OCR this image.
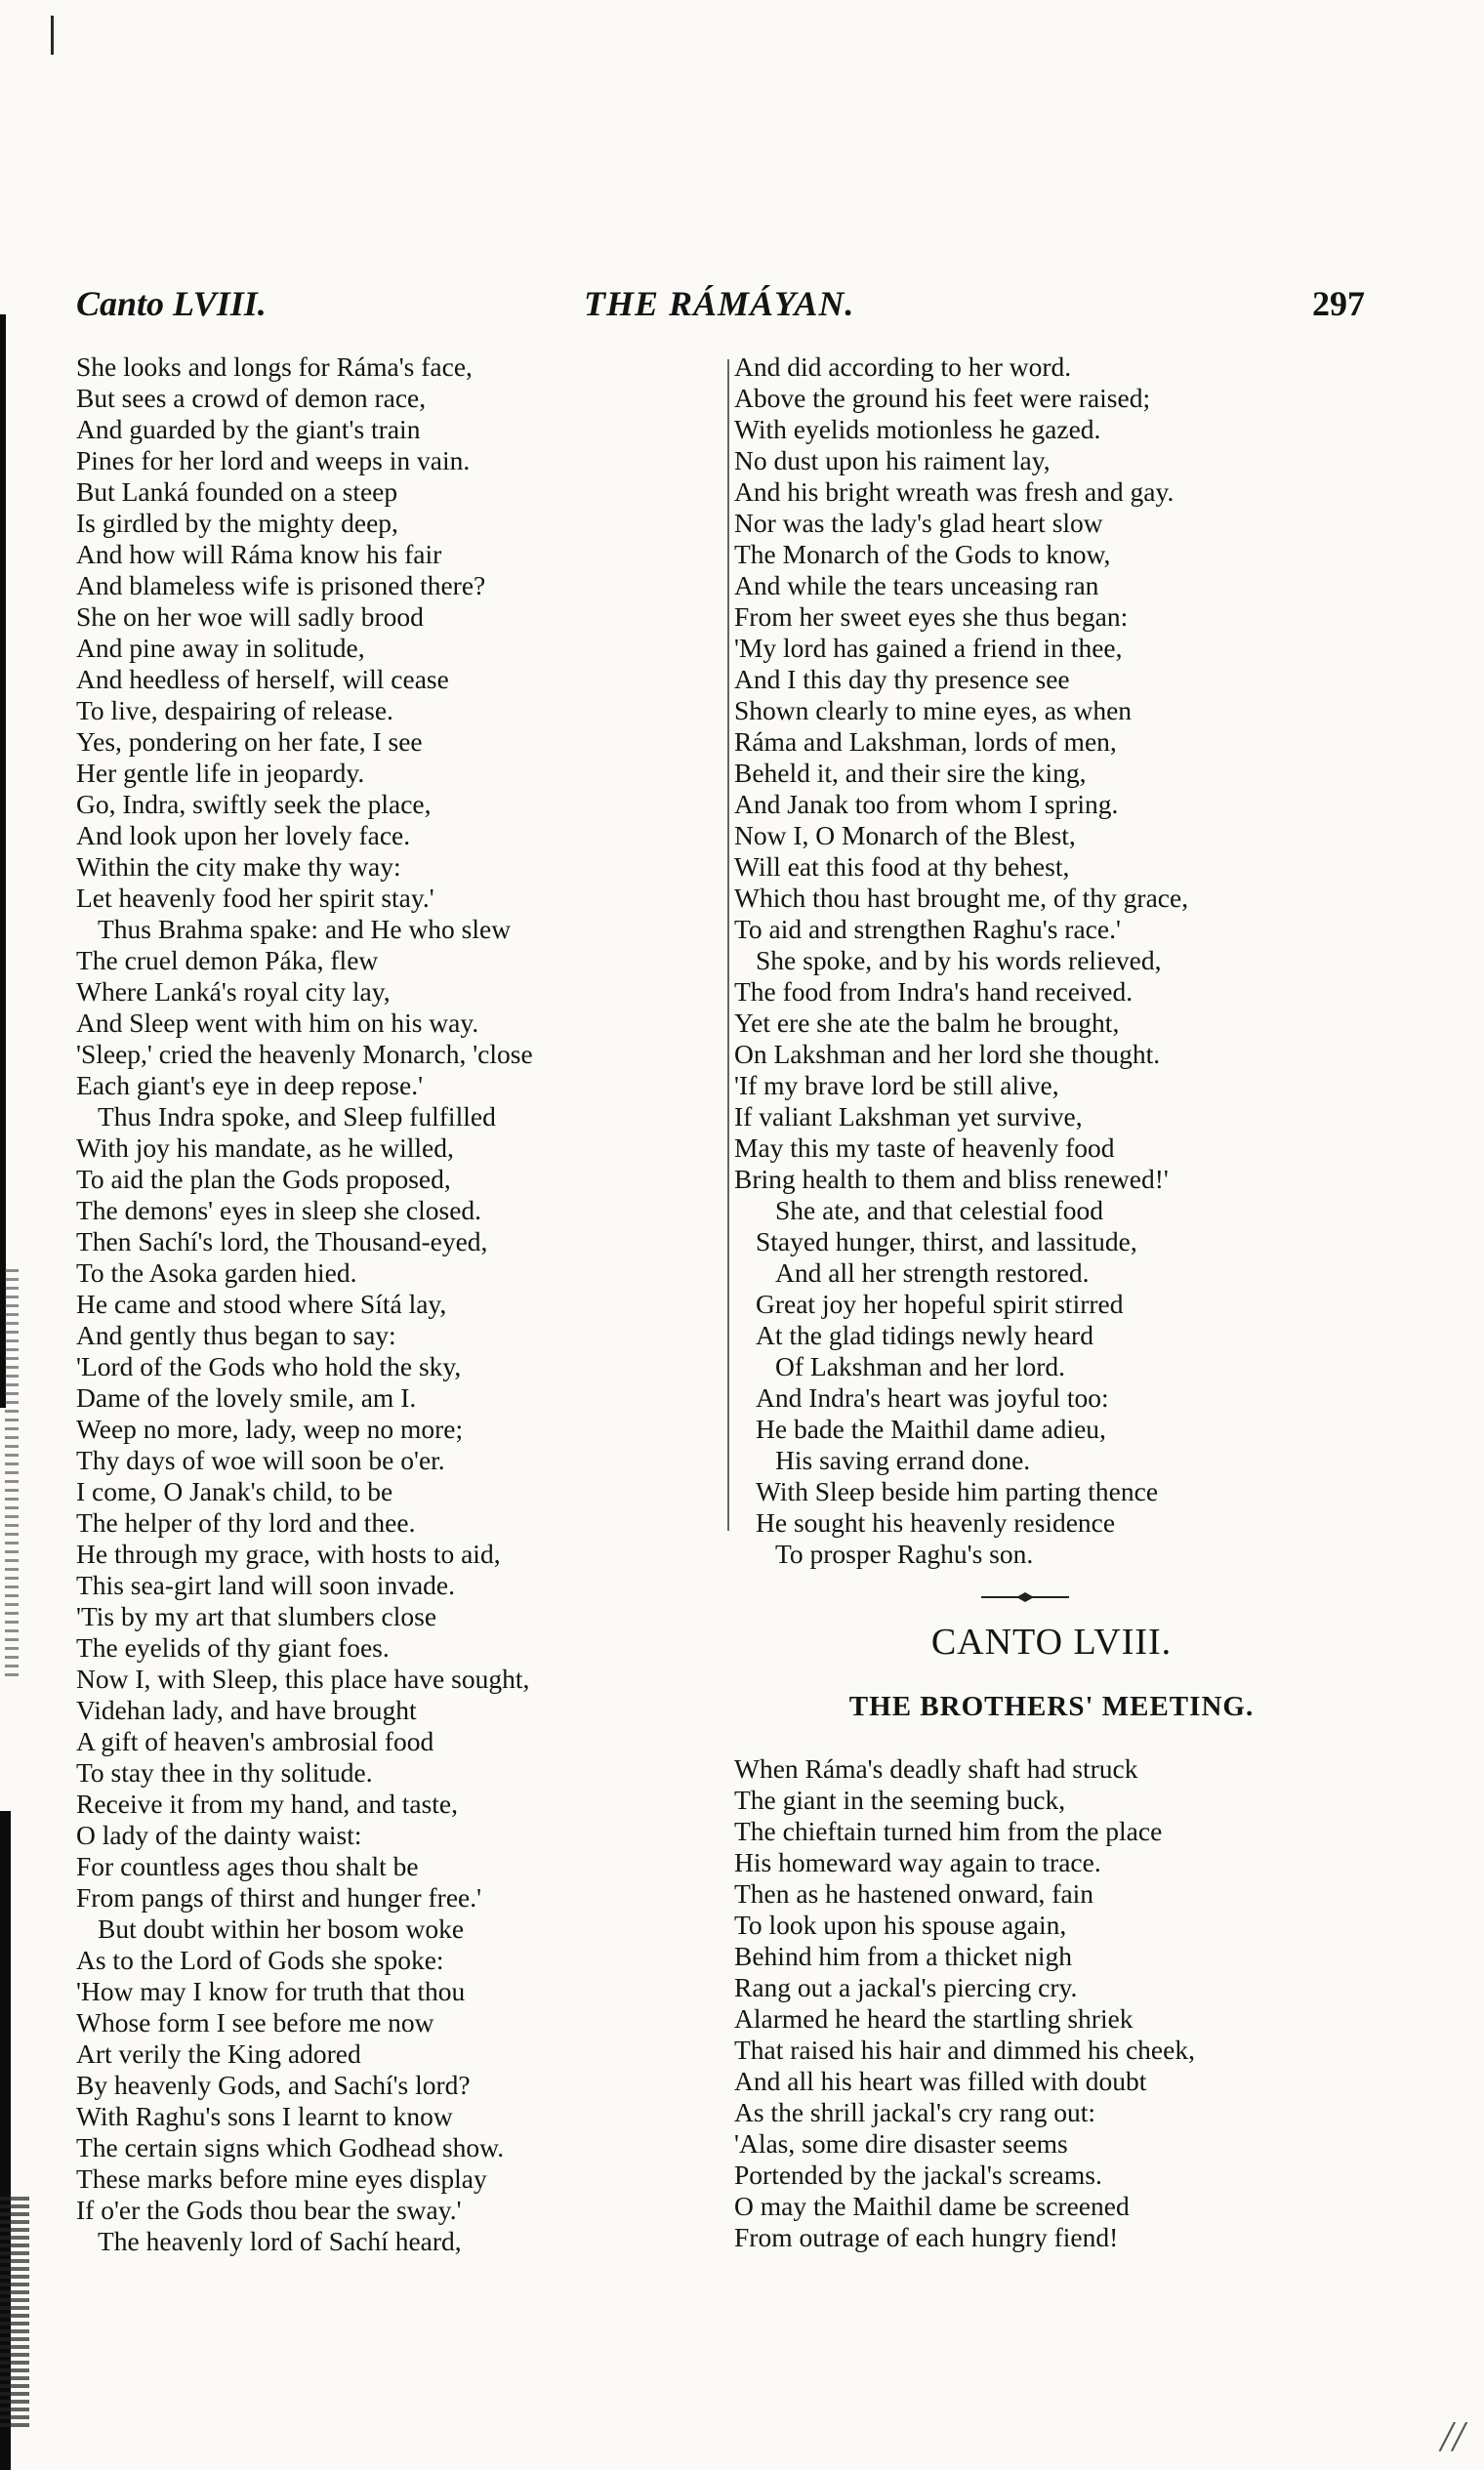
//
Canto LVIII.	THE RÁMÁYAN.	297
She looks and longs for Ráma's face,
But sees a crowd of demon race,
And guarded by the giant's train
Pines for her lord and weeps in vain.
But Lanká founded on a steep
Is girdled by the mighty deep,
And how will Ráma know his fair
And blameless wife is prisoned there?
She on her woe will sadly brood
And pine away in solitude,
And heedless of herself, will cease
To live, despairing of release.
Yes, pondering on her fate, I see
Her gentle life in jeopardy.
Go, Indra, swiftly seek the place,
And look upon her lovely face.
Within the city make thy way:
Let heavenly food her spirit stay.'
Thus Brahma spake: and He who slew
The cruel demon Páka, flew
Where Lanká's royal city lay,
And Sleep went with him on his way.
'Sleep,' cried the heavenly Monarch, 'close
Each giant's eye in deep repose.'
Thus Indra spoke, and Sleep fulfilled
With joy his mandate, as he willed,
To aid the plan the Gods proposed,
The demons' eyes in sleep she closed.
Then Sachí's lord, the Thousand-eyed,
To the Asoka garden hied.
He came and stood where Sítá lay,
And gently thus began to say:
'Lord of the Gods who hold the sky,
Dame of the lovely smile, am I.
Weep no more, lady, weep no more;
Thy days of woe will soon be o'er.
I come, O Janak's child, to be
The helper of thy lord and thee.
He through my grace, with hosts to aid,
This sea-girt land will soon invade.
'Tis by my art that slumbers close
The eyelids of thy giant foes.
Now I, with Sleep, this place have sought,
Videhan lady, and have brought
A gift of heaven's ambrosial food
To stay thee in thy solitude.
Receive it from my hand, and taste,
O lady of the dainty waist:
For countless ages thou shalt be
From pangs of thirst and hunger free.'
But doubt within her bosom woke
As to the Lord of Gods she spoke:
'How may I know for truth that thou
Whose form I see before me now
Art verily the King adored
By heavenly Gods, and Sachí's lord?
With Raghu's sons I learnt to know
The certain signs which Godhead show.
These marks before mine eyes display
If o'er the Gods thou bear the sway.'
The heavenly lord of Sachí heard,
And did according to her word.
Above the ground his feet were raised;
With eyelids motionless he gazed.
No dust upon his raiment lay,
And his bright wreath was fresh and gay.
Nor was the lady's glad heart slow
The Monarch of the Gods to know,
And while the tears unceasing ran
From her sweet eyes she thus began:
'My lord has gained a friend in thee,
And I this day thy presence see
Shown clearly to mine eyes, as when
Ráma and Lakshman, lords of men,
Beheld it, and their sire the king,
And Janak too from whom I spring.
Now I, O Monarch of the Blest,
Will eat this food at thy behest,
Which thou hast brought me, of thy grace,
To aid and strengthen Raghu's race.'
She spoke, and by his words relieved,
The food from Indra's hand received.
Yet ere she ate the balm he brought,
On Lakshman and her lord she thought.
'If my brave lord be still alive,
If valiant Lakshman yet survive,
May this my taste of heavenly food
Bring health to them and bliss renewed!'
She ate, and that celestial food
Stayed hunger, thirst, and lassitude,
And all her strength restored.
Great joy her hopeful spirit stirred
At the glad tidings newly heard
Of Lakshman and her lord.
And Indra's heart was joyful too:
He bade the Maithil dame adieu,
His saving errand done.
With Sleep beside him parting thence
He sought his heavenly residence
To prosper Raghu's son.
CANTO LVIII.
THE BROTHERS' MEETING.
When Ráma's deadly shaft had struck
The giant in the seeming buck,
The chieftain turned him from the place
His homeward way again to trace.
Then as he hastened onward, fain
To look upon his spouse again,
Behind him from a thicket nigh
Rang out a jackal's piercing cry.
Alarmed he heard the startling shriek
That raised his hair and dimmed his cheek,
And all his heart was filled with doubt
As the shrill jackal's cry rang out:
'Alas, some dire disaster seems
Portended by the jackal's screams.
O may the Maithil dame be screened
From outrage of each hungry fiend!
